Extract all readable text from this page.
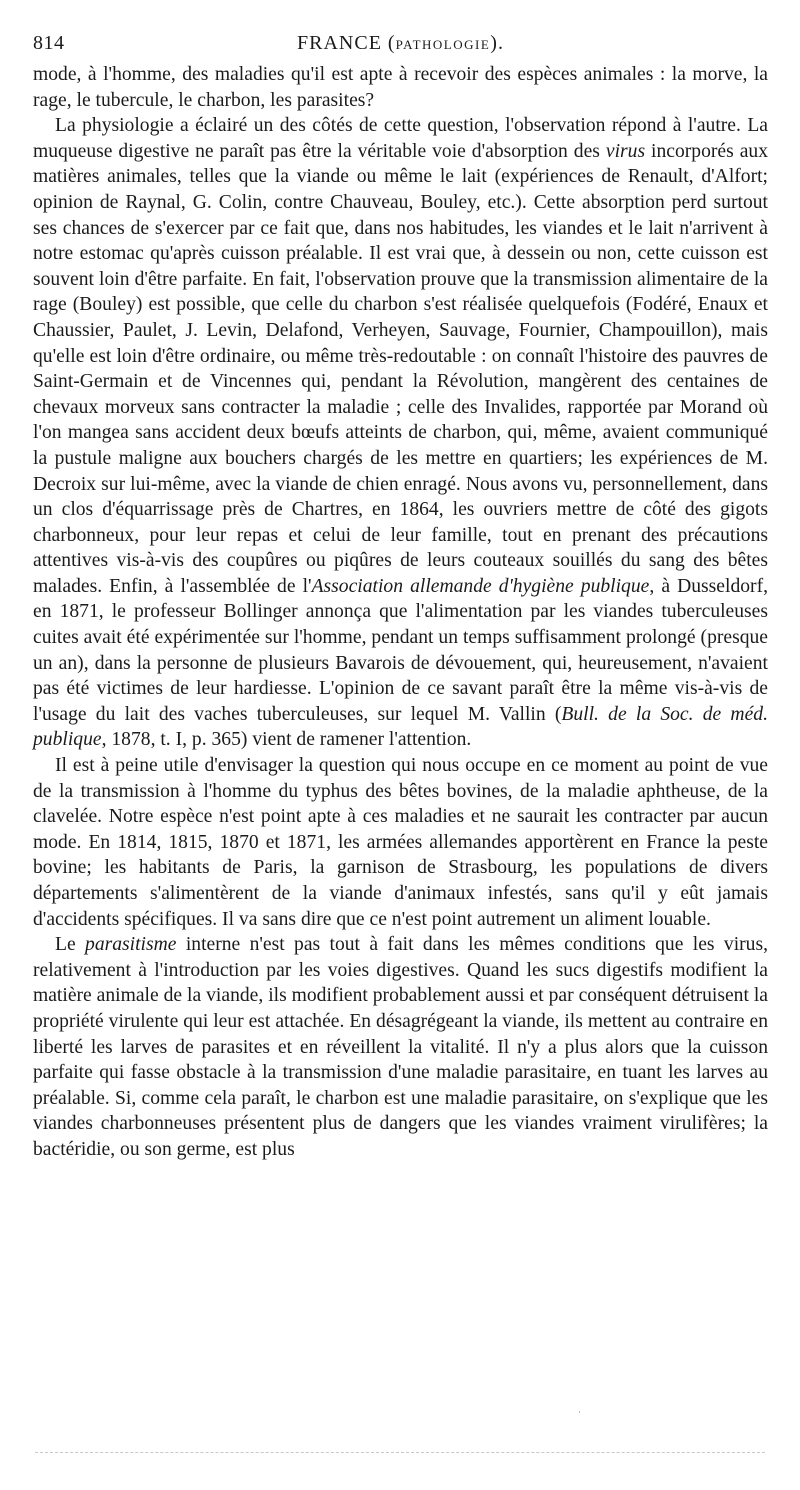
814	FRANCE (PATHOLOGIE).

mode, à l'homme, des maladies qu'il est apte à recevoir des espèces animales : la morve, la rage, le tubercule, le charbon, les parasites?

La physiologie a éclairé un des côtés de cette question, l'observation répond à l'autre. La muqueuse digestive ne paraît pas être la véritable voie d'absorption des virus incorporés aux matières animales, telles que la viande ou même le lait (expériences de Renault, d'Alfort; opinion de Raynal, G. Colin, contre Chauveau, Bouley, etc.). Cette absorption perd surtout ses chances de s'exercer par ce fait que, dans nos habitudes, les viandes et le lait n'arrivent à notre estomac qu'après cuisson préalable. Il est vrai que, à dessein ou non, cette cuisson est souvent loin d'être parfaite. En fait, l'observation prouve que la transmission alimentaire de la rage (Bouley) est possible, que celle du charbon s'est réalisée quelquefois (Fodéré, Enaux et Chaussier, Paulet, J. Levin, Delafond, Verheyen, Sauvage, Fournier, Champouillon), mais qu'elle est loin d'être ordinaire, ou même très-redoutable : on connaît l'histoire des pauvres de Saint-Germain et de Vincennes qui, pendant la Révolution, mangèrent des centaines de chevaux morveux sans contracter la maladie ; celle des Invalides, rapportée par Morand où l'on mangea sans accident deux bœufs atteints de charbon, qui, même, avaient communiqué la pustule maligne aux bouchers chargés de les mettre en quartiers; les expériences de M. Decroix sur lui-même, avec la viande de chien enragé. Nous avons vu, personnellement, dans un clos d'équarrissage près de Chartres, en 1864, les ouvriers mettre de côté des gigots charbonneux, pour leur repas et celui de leur famille, tout en prenant des précautions attentives vis-à-vis des coupûres ou piqûres de leurs couteaux souillés du sang des bêtes malades. Enfin, à l'assemblée de l'Association allemande d'hygiène publique, à Dusseldorf, en 1871, le professeur Bollinger annonça que l'alimentation par les viandes tuberculeuses cuites avait été expérimentée sur l'homme, pendant un temps suffisamment prolongé (presque un an), dans la personne de plusieurs Bavarois de dévouement, qui, heureusement, n'avaient pas été victimes de leur hardiesse. L'opinion de ce savant paraît être la même vis-à-vis de l'usage du lait des vaches tuberculeuses, sur lequel M. Vallin (Bull. de la Soc. de méd. publique, 1878, t. I, p. 365) vient de ramener l'attention.

Il est à peine utile d'envisager la question qui nous occupe en ce moment au point de vue de la transmission à l'homme du typhus des bêtes bovines, de la maladie aphtheuse, de la clavelée. Notre espèce n'est point apte à ces maladies et ne saurait les contracter par aucun mode. En 1814, 1815, 1870 et 1871, les armées allemandes apportèrent en France la peste bovine; les habitants de Paris, la garnison de Strasbourg, les populations de divers départements s'alimentèrent de la viande d'animaux infestés, sans qu'il y eût jamais d'accidents spécifiques. Il va sans dire que ce n'est point autrement un aliment louable.

Le parasitisme interne n'est pas tout à fait dans les mêmes conditions que les virus, relativement à l'introduction par les voies digestives. Quand les sucs digestifs modifient la matière animale de la viande, ils modifient probablement aussi et par conséquent détruisent la propriété virulente qui leur est attachée. En désagrégeant la viande, ils mettent au contraire en liberté les larves de parasites et en réveillent la vitalité. Il n'y a plus alors que la cuisson parfaite qui fasse obstacle à la transmission d'une maladie parasitaire, en tuant les larves au préalable. Si, comme cela paraît, le charbon est une maladie parasitaire, on s'explique que les viandes charbonneuses présentent plus de dangers que les viandes vraiment virulifères; la bactéridie, ou son germe, est plus
